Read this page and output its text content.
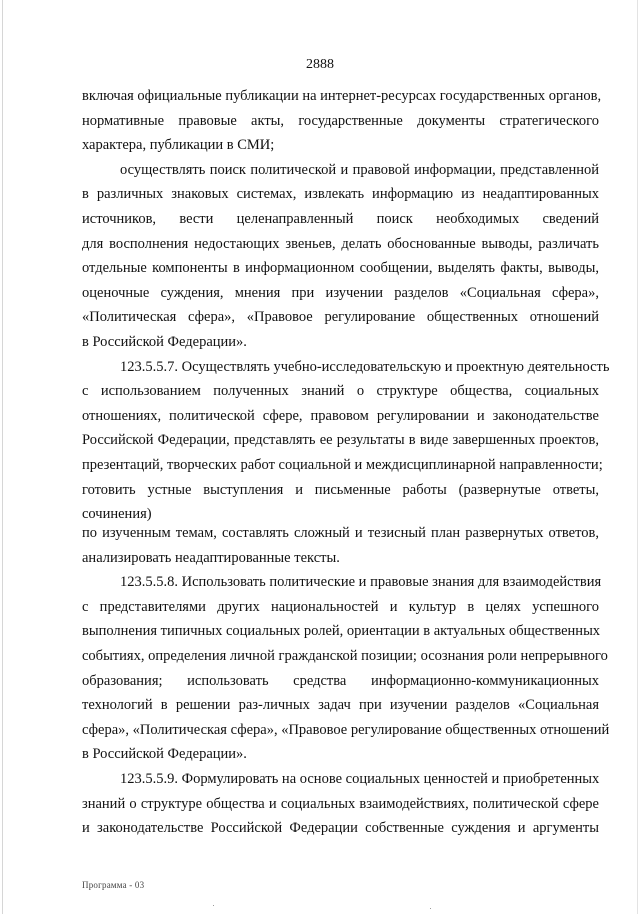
2888
включая официальные публикации на интернет-ресурсах государственных органов,
нормативные правовые акты, государственные документы стратегического
характера, публикации в СМИ;
осуществлять поиск политической и правовой информации, представленной
в различных знаковых системах, извлекать информацию из неадаптированных
источников, вести целенаправленный поиск необходимых сведений
для восполнения недостающих звеньев, делать обоснованные выводы, различать
отдельные компоненты в информационном сообщении, выделять факты, выводы,
оценочные суждения, мнения при изучении разделов «Социальная сфера»,
«Политическая сфера», «Правовое регулирование общественных отношений
в Российской Федерации».
123.5.5.7. Осуществлять учебно-исследовательскую и проектную деятельность
с использованием полученных знаний о структуре общества, социальных
отношениях, политической сфере, правовом регулировании и законодательстве
Российской Федерации, представлять ее результаты в виде завершенных проектов,
презентаций, творческих работ социальной и междисциплинарной направленности;
готовить устные выступления и письменные работы (развернутые ответы,
сочинения)
по изученным темам, составлять сложный и тезисный план развернутых ответов,
анализировать неадаптированные тексты.
123.5.5.8. Использовать политические и правовые знания для взаимодействия
с представителями других национальностей и культур в целях успешного
выполнения типичных социальных ролей, ориентации в актуальных общественных
событиях, определения личной гражданской позиции; осознания роли непрерывного
образования; использовать средства информационно-коммуникационных
технологий в решении раз-личных задач при изучении разделов «Социальная
сфера», «Политическая сфера», «Правовое регулирование общественных отношений
в Российской Федерации».
123.5.5.9. Формулировать на основе социальных ценностей и приобретенных
знаний о структуре общества и социальных взаимодействиях, политической сфере
и законодательстве Российской Федерации собственные суждения и аргументы
Программа - 03
